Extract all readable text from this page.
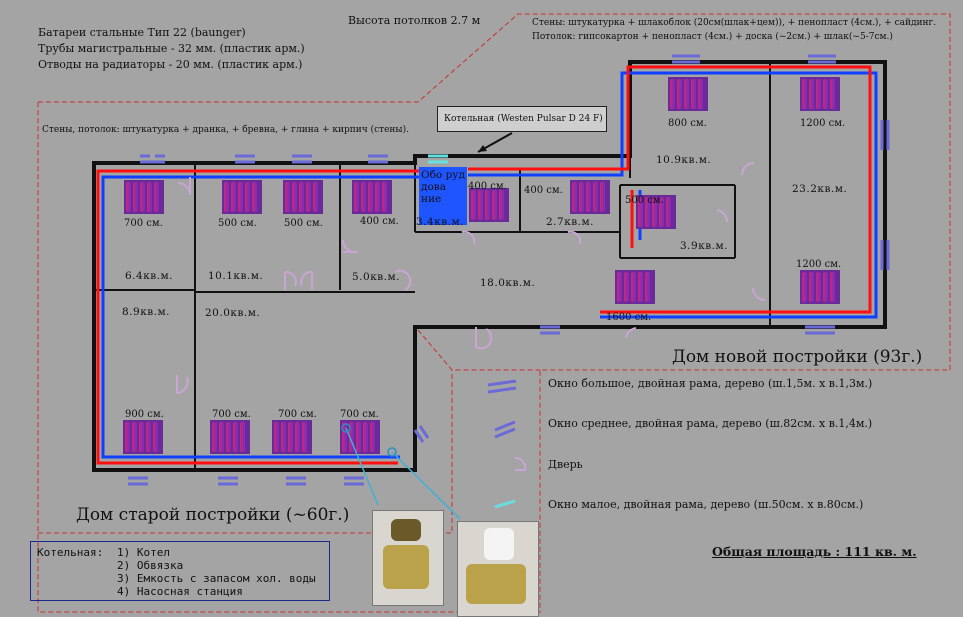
Высота потолков 2.7 м

Батареи стальные Тип 22 (baunger)

Трубы магистральные - 32 мм. (пластик арм.)

Отводы на радиаторы - 20 мм. (пластик арм.)

Стены: штукатурка + шлакоблок (20см(шлак+цем)), + пенопласт (4см.), + сайдинг.

Потолок: гипсокартон + пенопласт (4см.) + доска (~2см.) + шлак(~5-7см.)

Стены, потолок: штукатурка + дранка, + бревна, + глина + кирпич (стены).

Котельная (Westen Pulsar D 24 F)
Обо руд дова ние

6.4кв.м.	10.1кв.м.	5.0кв.м.

8.9кв.м.	20.0кв.м.

3.4кв.м.	2.7кв.м.

18.0кв.м.

10.9кв.м.

3.9кв.м.

23.2кв.м.

700 см.	500 см.	500 см.	400 см.

400 см. 400 см.

800 см.	1200 см.

500 см.

1600 см.

1200 см.

900 см.	700 см.	700 см. 700 см.

Дом старой постройки (~60г.)

Дом новой постройки (93г.)

Окно большое, двойная рама, дерево (ш.1,5м. х в.1,3м.)

Окно среднее, двойная рама, дерево (ш.82см. х в.1,4м.)

Дверь

Окно малое, двойная рама, дерево (ш.50см. х в.80см.)

Общая площадь : 111 кв. м.

Котельная: 1) Котел
2) Обвязка
3) Емкость с запасом хол. воды
4) Насосная станция
